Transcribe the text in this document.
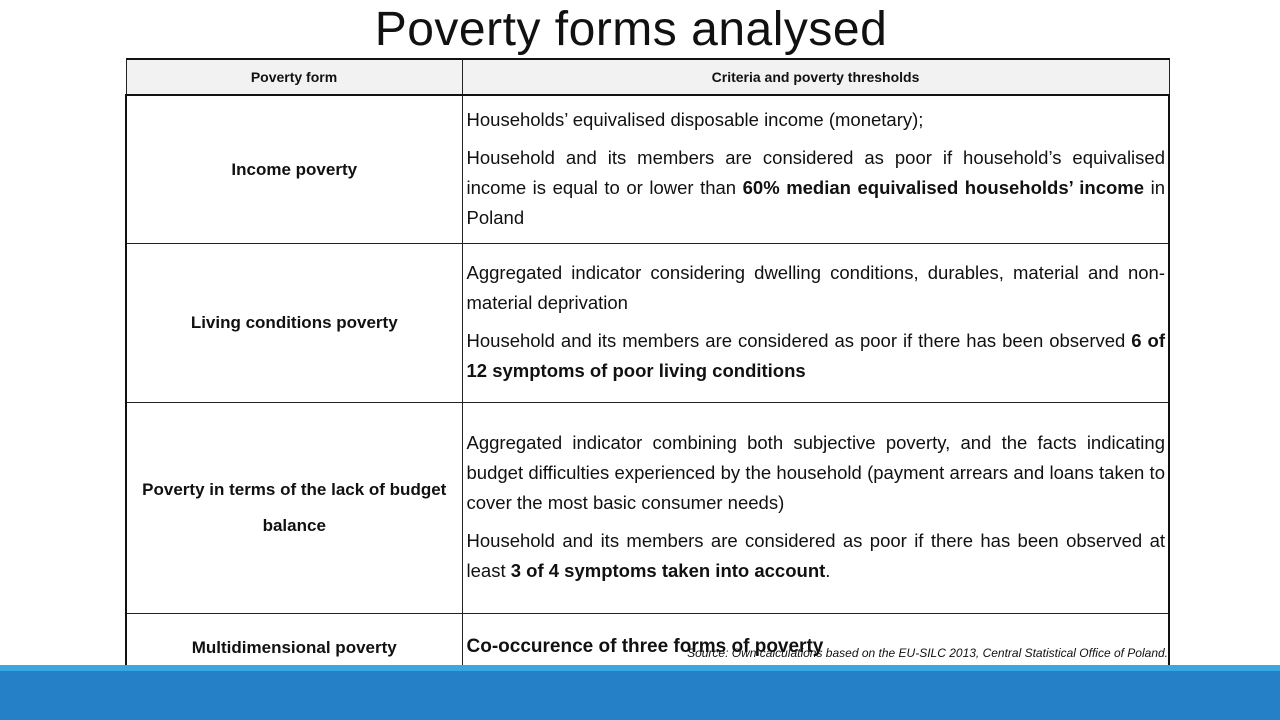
Poverty forms analysed
Poverty form	Criteria and poverty thresholds
Income poverty	Households’ equivalised disposable income (monetary);

Household and its members are considered as poor if household’s equivalised income is equal to or lower than 60% median equivalised households’ income in Poland

Living conditions poverty	Aggregated indicator considering dwelling conditions, durables, material and non-material deprivation

Household and its members are considered as poor if there has been observed 6 of 12 symptoms of poor living conditions

Poverty in terms of the lack of budget balance	Aggregated indicator combining both subjective poverty, and the facts indicating budget difficulties experienced by the household (payment arrears and loans taken to cover the most basic consumer needs)

Household and its members are considered as poor if there has been observed at least 3 of 4 symptoms taken into account.

Multidimensional poverty	Co-occurence of three forms of poverty
Source: Own calculations based on the EU-SILC 2013, Central Statistical Office of Poland.
